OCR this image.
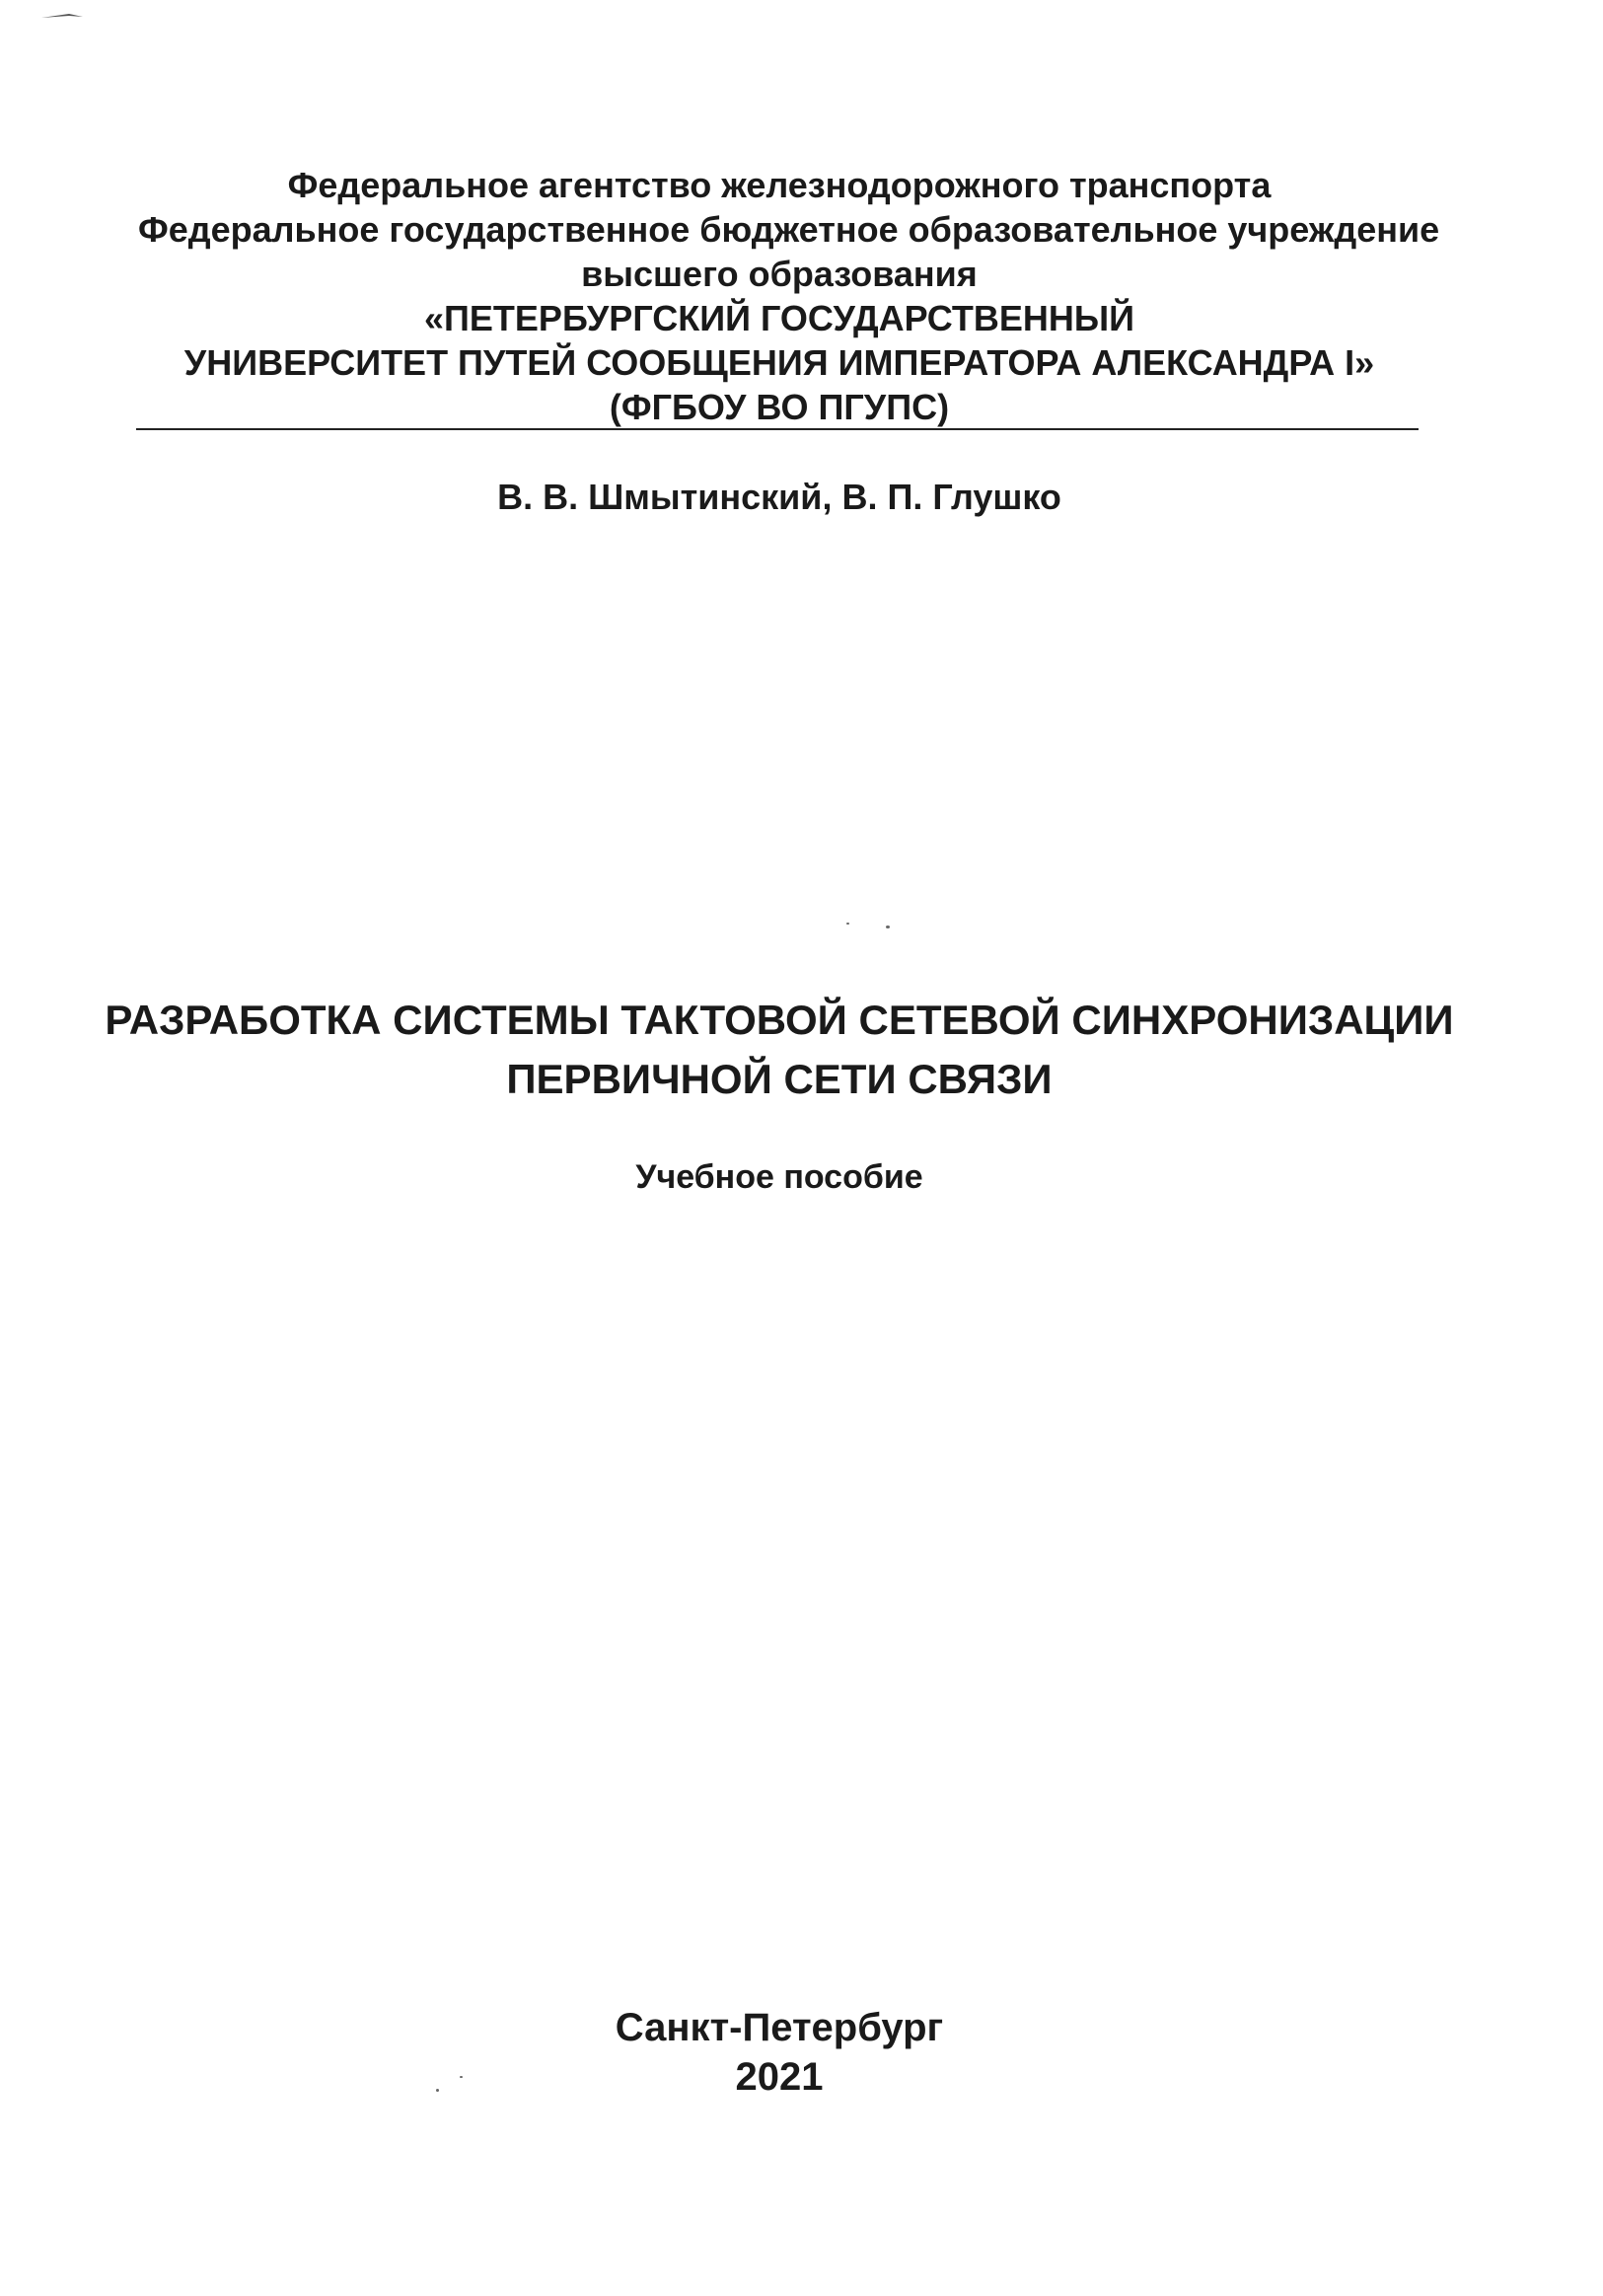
Федеральное агентство железнодорожного транспорта
Федеральное государственное бюджетное образовательное учреждение
высшего образования
«ПЕТЕРБУРГСКИЙ ГОСУДАРСТВЕННЫЙ
УНИВЕРСИТЕТ ПУТЕЙ СООБЩЕНИЯ ИМПЕРАТОРА АЛЕКСАНДРА I»
(ФГБОУ ВО ПГУПС)
В. В. Шмытинский, В. П. Глушко
РАЗРАБОТКА СИСТЕМЫ ТАКТОВОЙ СЕТЕВОЙ СИНХРОНИЗАЦИИ
ПЕРВИЧНОЙ СЕТИ СВЯЗИ
Учебное пособие
Санкт-Петербург
2021
